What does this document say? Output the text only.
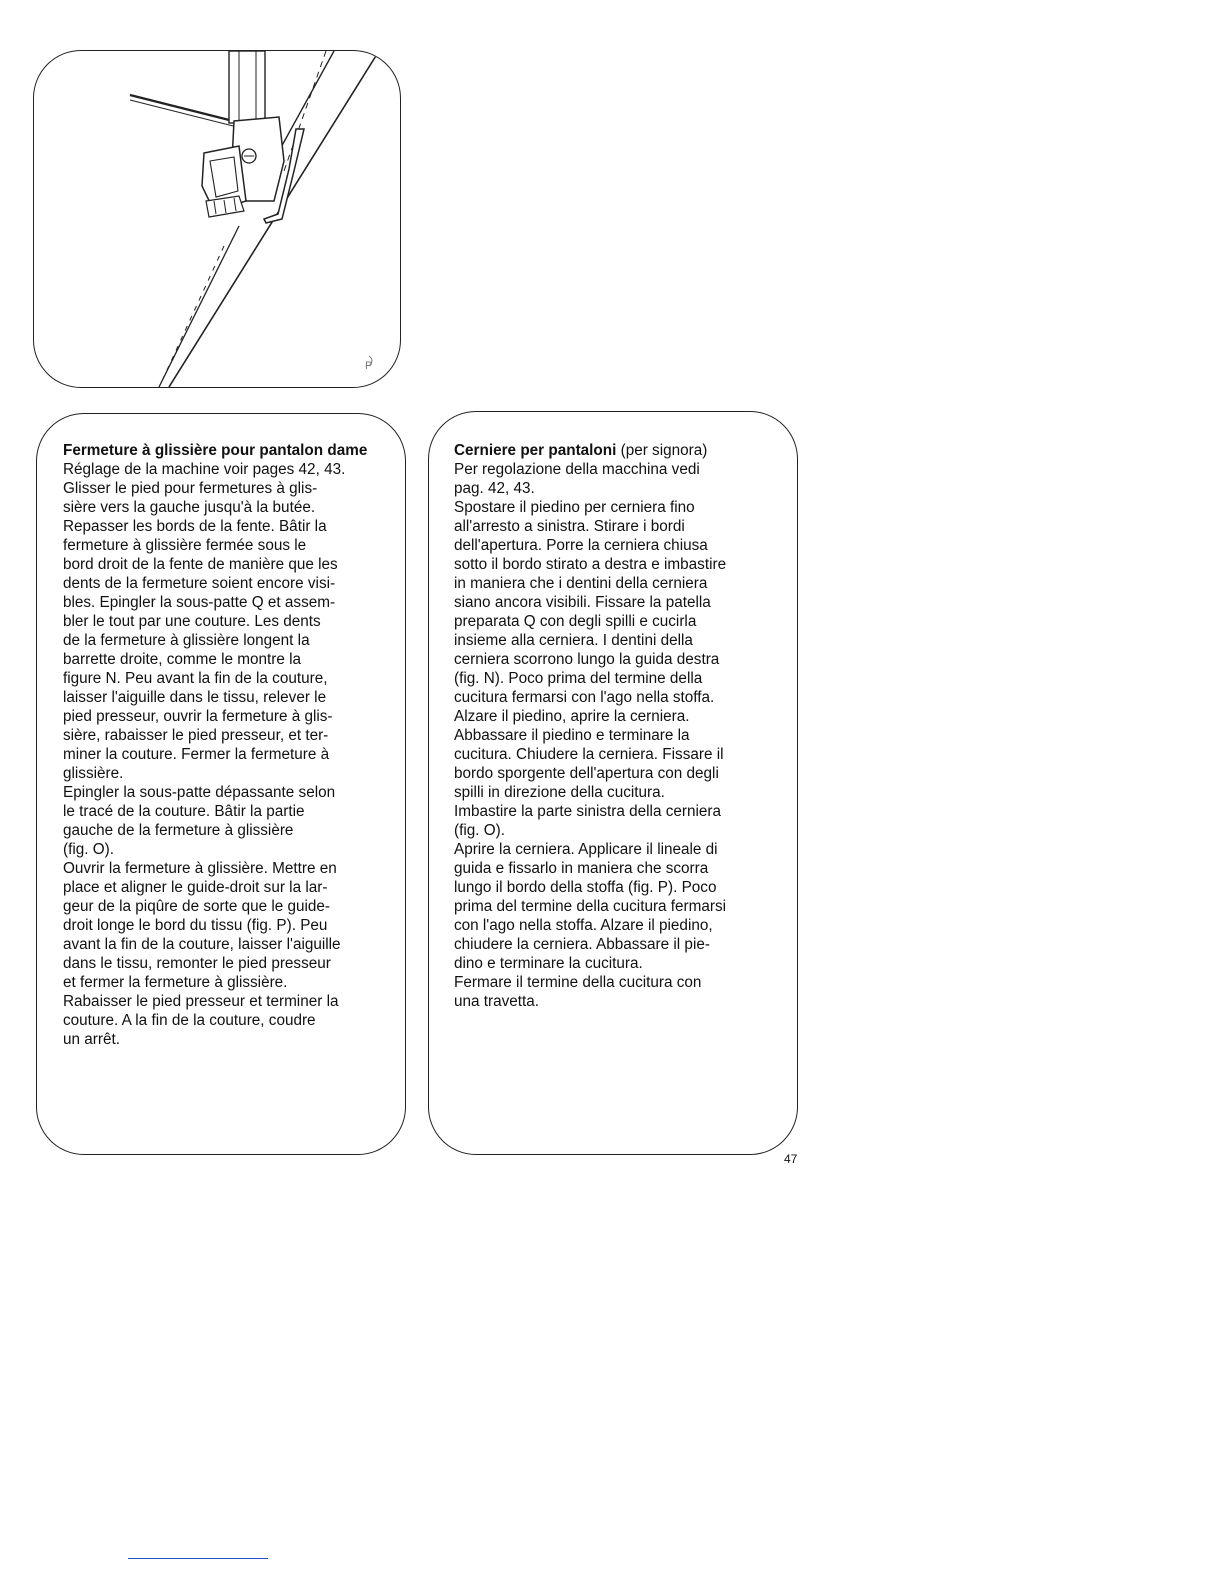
P

Fermeture à glissière pour pantalon dame

Réglage de la machine voir pages 42, 43.
Glisser le pied pour fermetures à glis-
sière vers la gauche jusqu'à la butée.
Repasser les bords de la fente. Bâtir la
fermeture à glissière fermée sous le
bord droit de la fente de manière que les
dents de la fermeture soient encore visi-
bles. Epingler la sous-patte Q et assem-
bler le tout par une couture. Les dents
de la fermeture à glissière longent la
barrette droite, comme le montre la
figure N. Peu avant la fin de la couture,
laisser l'aiguille dans le tissu, relever le
pied presseur, ouvrir la fermeture à glis-
sière, rabaisser le pied presseur, et ter-
miner la couture. Fermer la fermeture à
glissière.
Epingler la sous-patte dépassante selon
le tracé de la couture. Bâtir la partie
gauche de la fermeture à glissière
(fig. O).
Ouvrir la fermeture à glissière. Mettre en
place et aligner le guide-droit sur la lar-
geur de la piqûre de sorte que le guide-
droit longe le bord du tissu (fig. P). Peu
avant la fin de la couture, laisser l'aiguille
dans le tissu, remonter le pied presseur
et fermer la fermeture à glissière.
Rabaisser le pied presseur et terminer la
couture. A la fin de la couture, coudre
un arrêt.

Cerniere per pantaloni (per signora)

Per regolazione della macchina vedi
pag. 42, 43.
Spostare il piedino per cerniera fino
all'arresto a sinistra. Stirare i bordi
dell'apertura. Porre la cerniera chiusa
sotto il bordo stirato a destra e imbastire
in maniera che i dentini della cerniera
siano ancora visibili. Fissare la patella
preparata Q con degli spilli e cucirla
insieme alla cerniera. I dentini della
cerniera scorrono lungo la guida destra
(fig. N). Poco prima del termine della
cucitura fermarsi con l'ago nella stoffa.
Alzare il piedino, aprire la cerniera.
Abbassare il piedino e terminare la
cucitura. Chiudere la cerniera. Fissare il
bordo sporgente dell'apertura con degli
spilli in direzione della cucitura.
Imbastire la parte sinistra della cerniera
(fig. O).
Aprire la cerniera. Applicare il lineale di
guida e fissarlo in maniera che scorra
lungo il bordo della stoffa (fig. P). Poco
prima del termine della cucitura fermarsi
con l'ago nella stoffa. Alzare il piedino,
chiudere la cerniera. Abbassare il pie-
dino e terminare la cucitura.
Fermare il termine della cucitura con
una travetta.

47
